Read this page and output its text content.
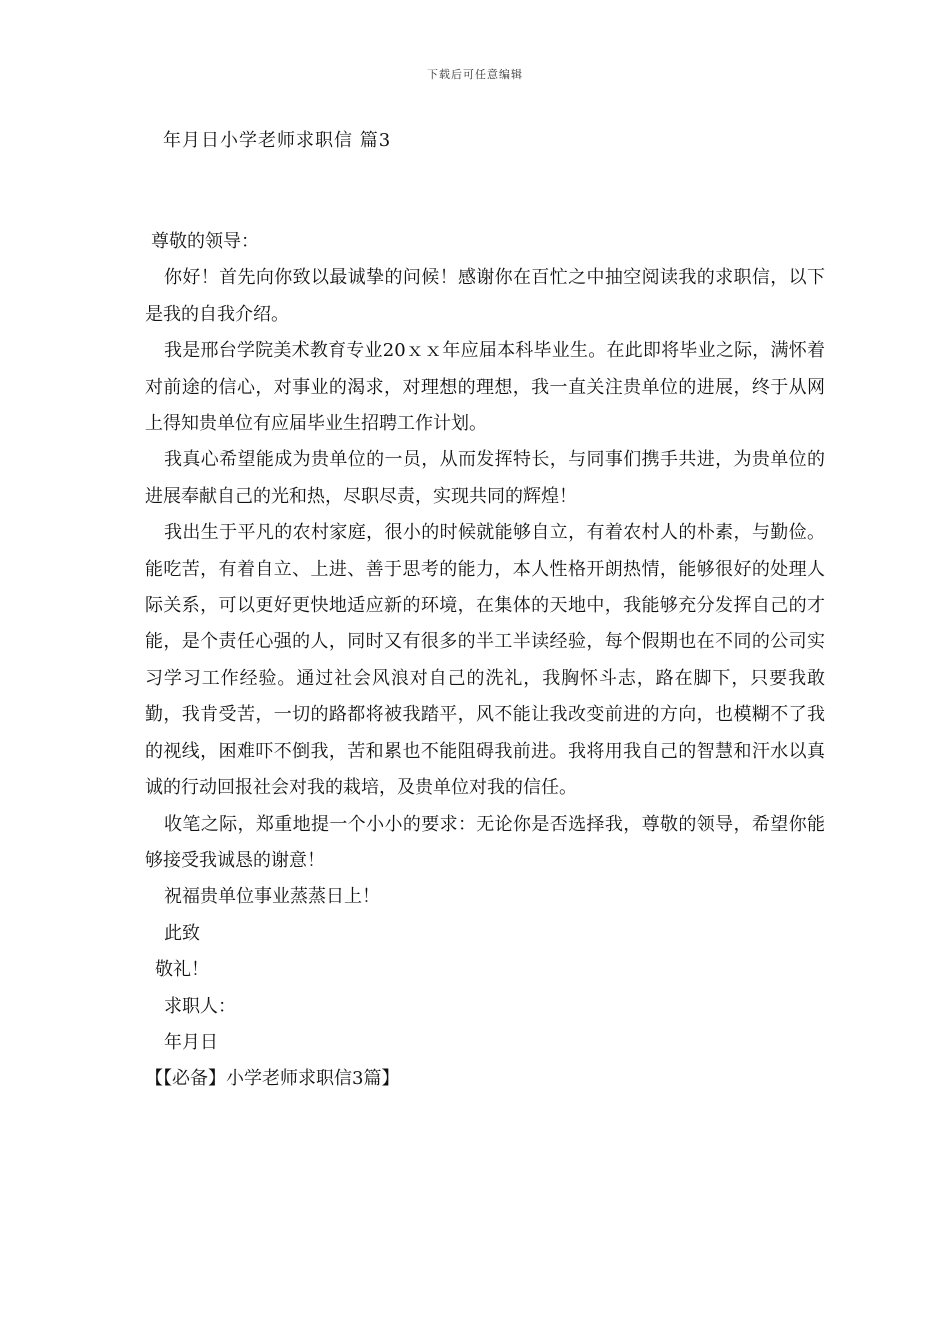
下载后可任意编辑
年月日小学老师求职信 篇3

尊敬的领导：

你好！首先向你致以最诚挚的问候！感谢你在百忙之中抽空阅读我的求职信，以下是我的自我介绍。

我是邢台学院美术教育专业20ｘｘ年应届本科毕业生。在此即将毕业之际，满怀着对前途的信心，对事业的渴求，对理想的理想，我一直关注贵单位的进展，终于从网上得知贵单位有应届毕业生招聘工作计划。

我真心希望能成为贵单位的一员，从而发挥特长，与同事们携手共进，为贵单位的进展奉献自己的光和热，尽职尽责，实现共同的辉煌！

我出生于平凡的农村家庭，很小的时候就能够自立，有着农村人的朴素，与勤俭。能吃苦，有着自立、上进、善于思考的能力，本人性格开朗热情，能够很好的处理人际关系，可以更好更快地适应新的环境，在集体的天地中，我能够充分发挥自己的才能，是个责任心强的人，同时又有很多的半工半读经验，每个假期也在不同的公司实习学习工作经验。通过社会风浪对自己的洗礼，我胸怀斗志，路在脚下，只要我敢勤，我肯受苦，一切的路都将被我踏平，风不能让我改变前进的方向，也模糊不了我的视线，困难吓不倒我，苦和累也不能阻碍我前进。我将用我自己的智慧和汗水以真诚的行动回报社会对我的栽培，及贵单位对我的信任。

收笔之际，郑重地提一个小小的要求：无论你是否选择我，尊敬的领导，希望你能够接受我诚恳的谢意！

祝福贵单位事业蒸蒸日上！

此致

敬礼！

求职人：

年月日

【【必备】小学老师求职信3篇】
